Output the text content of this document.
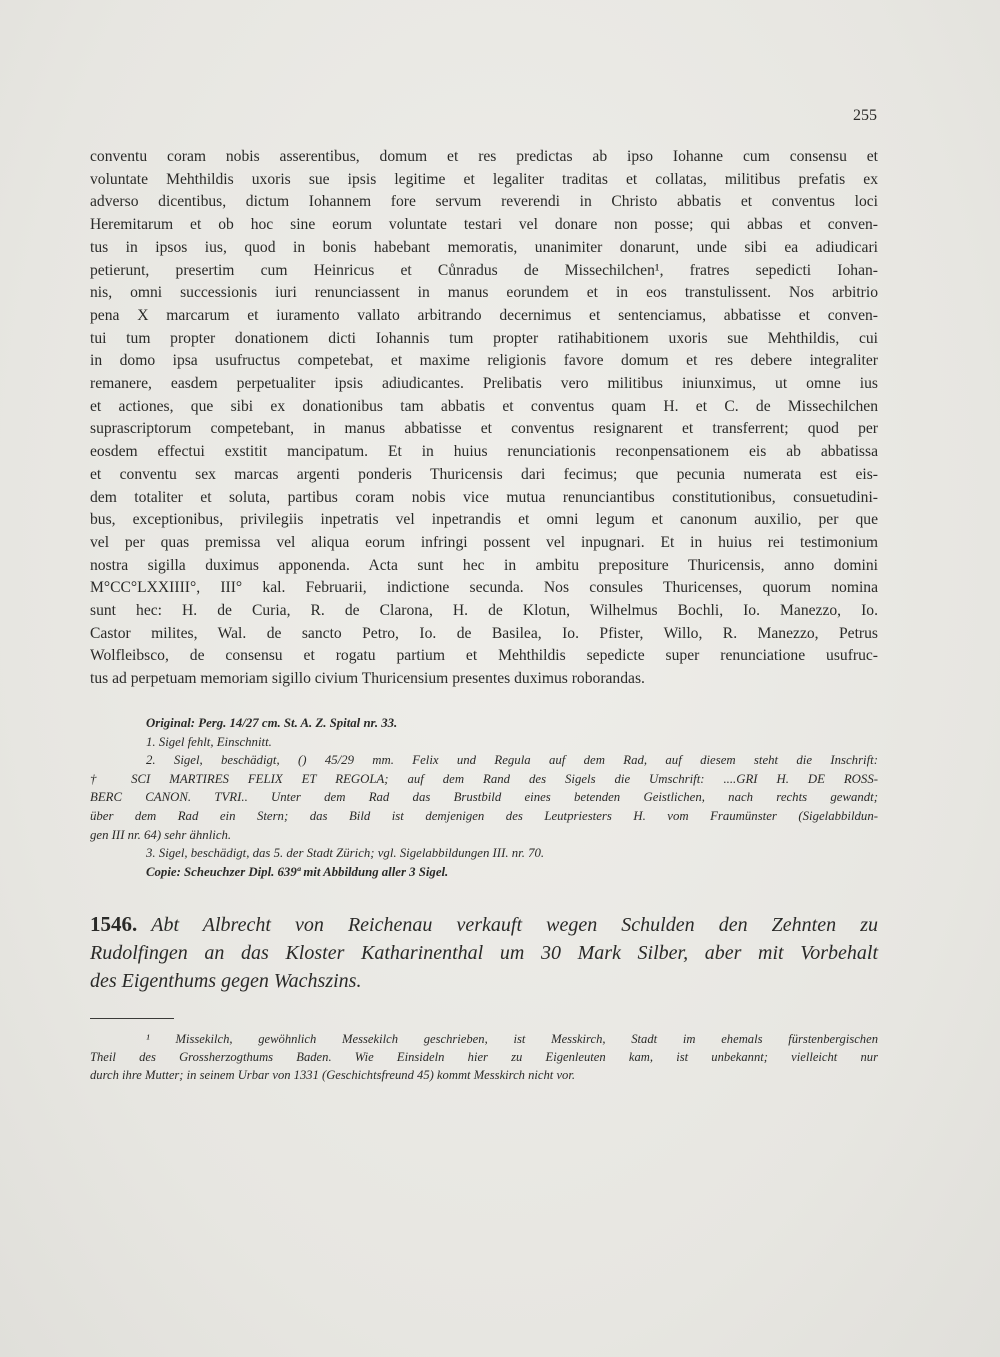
255
conventu coram nobis asserentibus, domum et res predictas ab ipso Iohanne cum consensu et
voluntate Mehthildis uxoris sue ipsis legitime et legaliter traditas et collatas, militibus prefatis ex
adverso dicentibus, dictum Iohannem fore servum reverendi in Christo abbatis et conventus loci
Heremitarum et ob hoc sine eorum voluntate testari vel donare non posse; qui abbas et conven-
tus in ipsos ius, quod in bonis habebant memoratis, unanimiter donarunt, unde sibi ea adiudicari
petierunt, presertim cum Heinricus et Cůnradus de Missechilchen¹, fratres sepedicti Iohan-
nis, omni successionis iuri renunciassent in manus eorundem et in eos transtulissent. Nos arbitrio
pena X marcarum et iuramento vallato arbitrando decernimus et sentenciamus, abbatisse et conven-
tui tum propter donationem dicti Iohannis tum propter ratihabitionem uxoris sue Mehthildis, cui
in domo ipsa usufructus competebat, et maxime religionis favore domum et res debere integraliter
remanere, easdem perpetualiter ipsis adiudicantes. Prelibatis vero militibus iniunximus, ut omne ius
et actiones, que sibi ex donationibus tam abbatis et conventus quam H. et C. de Missechilchen
suprascriptorum competebant, in manus abbatisse et conventus resignarent et transferrent; quod per
eosdem effectui exstitit mancipatum. Et in huius renunciationis reconpensationem eis ab abbatissa
et conventu sex marcas argenti ponderis Thuricensis dari fecimus; que pecunia numerata est eis-
dem totaliter et soluta, partibus coram nobis vice mutua renunciantibus constitutionibus, consuetudini-
bus, exceptionibus, privilegiis inpetratis vel inpetrandis et omni legum et canonum auxilio, per que
vel per quas premissa vel aliqua eorum infringi possent vel inpugnari. Et in huius rei testimonium
nostra sigilla duximus apponenda. Acta sunt hec in ambitu prepositure Thuricensis, anno domini
M°CC°LXXIIII°, III° kal. Februarii, indictione secunda. Nos consules Thuricenses, quorum nomina
sunt hec: H. de Curia, R. de Clarona, H. de Klotun, Wilhelmus Bochli, Io. Manezzo, Io.
Castor milites, Wal. de sancto Petro, Io. de Basilea, Io. Pfister, Willo, R. Manezzo, Petrus
Wolfleibsco, de consensu et rogatu partium et Mehthildis sepedicte super renunciatione usufruc-
tus ad perpetuam memoriam sigillo civium Thuricensium presentes duximus roborandas.
Original: Perg. 14/27 cm. St. A. Z. Spital nr. 33.
1. Sigel fehlt, Einschnitt.
2. Sigel, beschädigt, () 45/29 mm. Felix und Regula auf dem Rad, auf diesem steht die Inschrift:
† SCI MARTIRES FELIX ET REGOLA; auf dem Rand des Sigels die Umschrift: ....GRI H. DE ROSS-
BERC CANON. TVRI.. Unter dem Rad das Brustbild eines betenden Geistlichen, nach rechts gewandt;
über dem Rad ein Stern; das Bild ist demjenigen des Leutpriesters H. vom Fraumünster (Sigelabbildun-
gen III nr. 64) sehr ähnlich.
3. Sigel, beschädigt, das 5. der Stadt Zürich; vgl. Sigelabbildungen III. nr. 70.
Copie: Scheuchzer Dipl. 639ª mit Abbildung aller 3 Sigel.
1546. Abt Albrecht von Reichenau verkauft wegen Schulden den Zehnten zu
Rudolfingen an das Kloster Katharinenthal um 30 Mark Silber, aber mit Vorbehalt
des Eigenthums gegen Wachszins.
¹ Missekilch, gewöhnlich Messekilch geschrieben, ist Messkirch, Stadt im ehemals fürstenbergischen
Theil des Grossherzogthums Baden. Wie Einsideln hier zu Eigenleuten kam, ist unbekannt; vielleicht nur
durch ihre Mutter; in seinem Urbar von 1331 (Geschichtsfreund 45) kommt Messkirch nicht vor.
